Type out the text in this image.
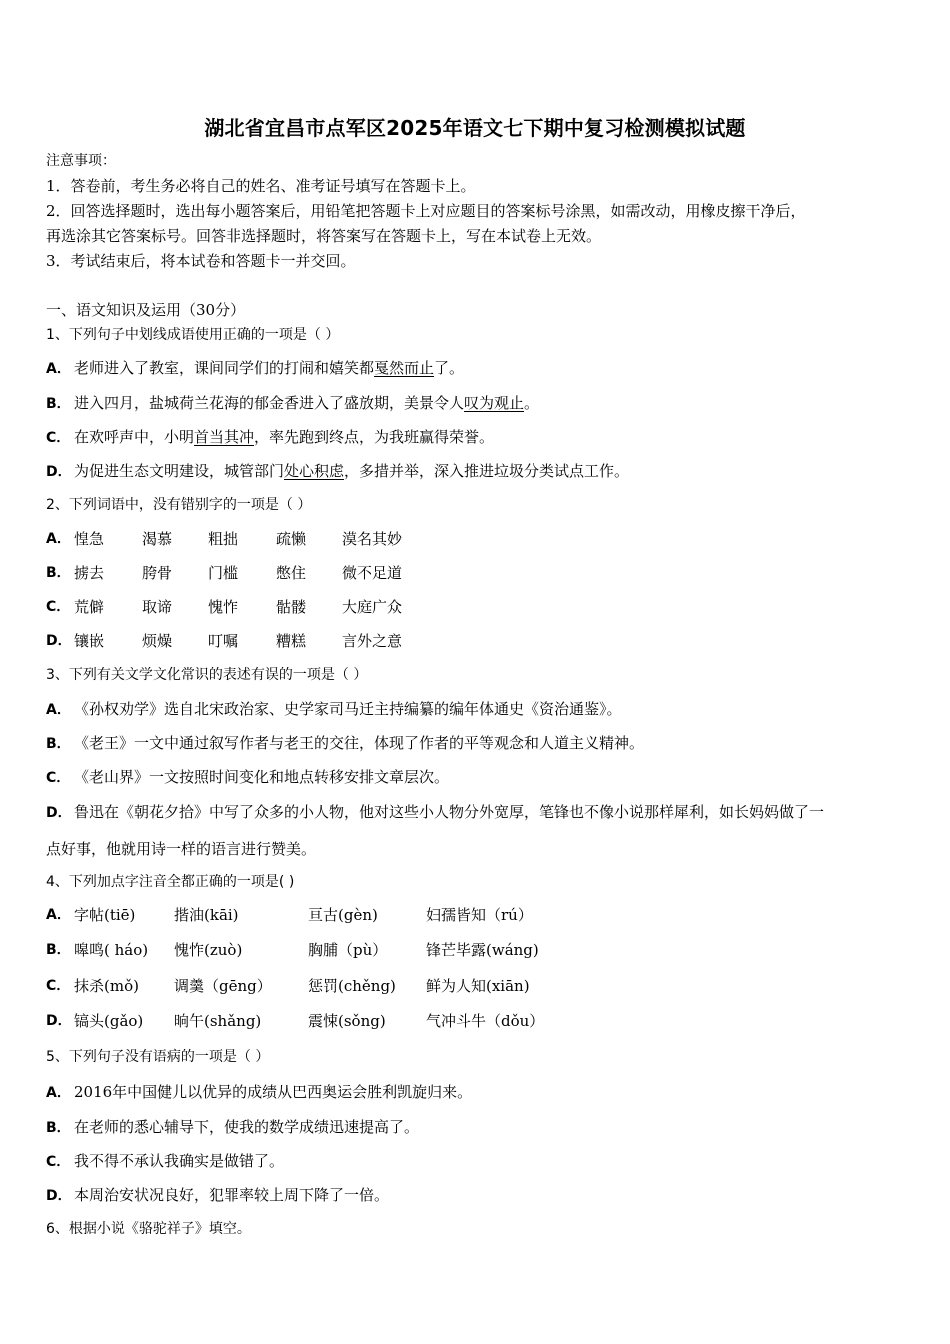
湖北省宜昌市点军区2025年语文七下期中复习检测模拟试题
注意事项：
1．答卷前，考生务必将自己的姓名、准考证号填写在答题卡上。
2．回答选择题时，选出每小题答案后，用铅笔把答题卡上对应题目的答案标号涂黑，如需改动，用橡皮擦干净后，
再选涂其它答案标号。回答非选择题时，将答案写在答题卡上，写在本试卷上无效。
3．考试结束后，将本试卷和答题卡一并交回。
一、语文知识及运用（30分）
1、下列句子中划线成语使用正确的一项是（ ）
A． 老师进入了教室，课间同学们的打闹和嬉笑都戛然而止了。
B． 进入四月，盐城荷兰花海的郁金香进入了盛放期，美景令人叹为观止。
C． 在欢呼声中，小明首当其冲，率先跑到终点，为我班赢得荣誉。
D． 为促进生态文明建设，城管部门处心积虑，多措并举，深入推进垃圾分类试点工作。
2、下列词语中，没有错别字的一项是（ ）
A． 惶急	渴慕 粗拙	疏懒 漠名其妙
B． 掳去	胯骨 门槛	憋住 微不足道
C． 荒僻	取谛 愧怍	骷髅 大庭广众
D． 镶嵌	烦燥 叮嘱	糟糕 言外之意
3、下列有关文学文化常识的表述有误的一项是（ ）
A． 《孙权劝学》选自北宋政治家、史学家司马迁主持编纂的编年体通史《资治通鉴》。
B． 《老王》一文中通过叙写作者与老王的交往，体现了作者的平等观念和人道主义精神。
C． 《老山界》一文按照时间变化和地点转移安排文章层次。
D． 鲁迅在《朝花夕拾》中写了众多的小人物，他对这些小人物分外宽厚，笔锋也不像小说那样犀利，如长妈妈做了一
点好事，他就用诗一样的语言进行赞美。
4、下列加点字注音全都正确的一项是( )
A． 字帖(tiē)	揩油(kāi)	亘古(gèn)	妇孺皆知（rú）
B． 嗥鸣( háo) 愧怍(zuò)	胸脯（pù）	锋芒毕露(wáng)
C． 抹杀(mǒ) 调羹（gēng） 惩罚(chěng) 鲜为人知(xiān)
D． 镐头(gǎo) 晌午(shǎng)	震悚(sǒng)	气冲斗牛（dǒu）
5、下列句子没有语病的一项是（ ）
A． 2016年中国健儿以优异的成绩从巴西奥运会胜利凯旋归来。
B． 在老师的悉心辅导下，使我的数学成绩迅速提高了。
C． 我不得不承认我确实是做错了。
D． 本周治安状况良好，犯罪率较上周下降了一倍。
6、根据小说《骆驼祥子》填空。
